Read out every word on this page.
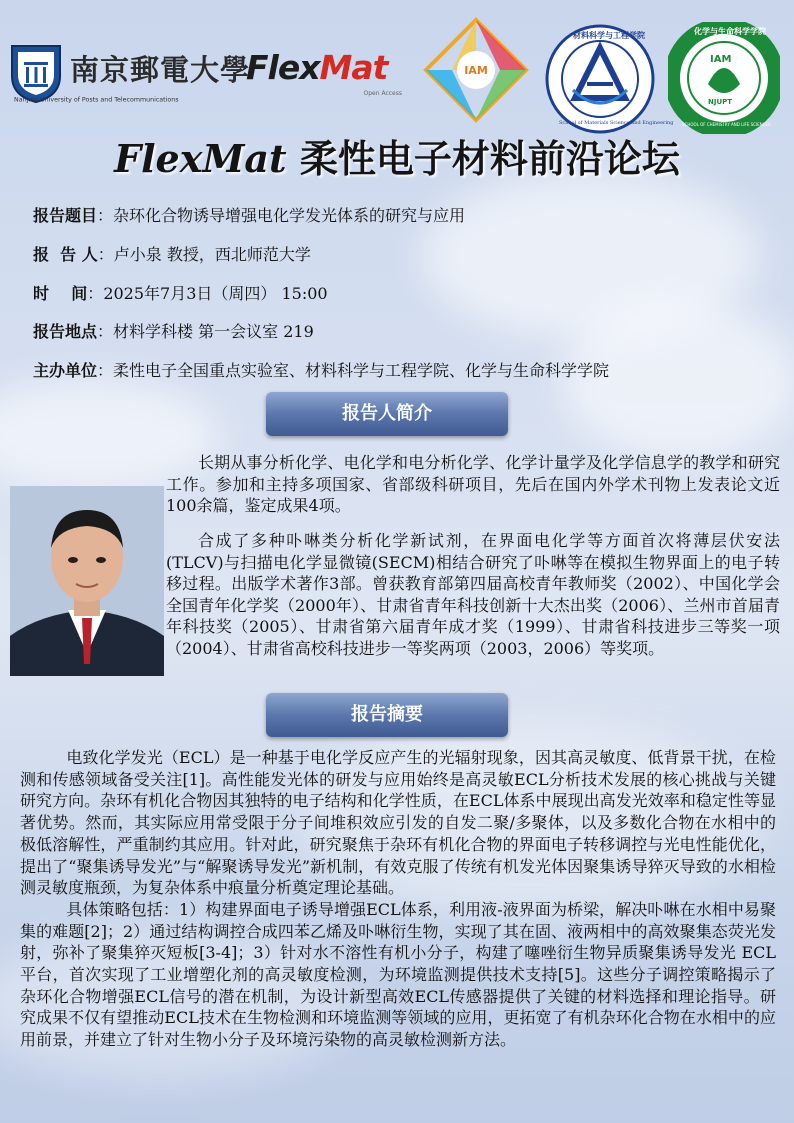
南京郵電大學
Nanjing University of Posts and Telecommunications
FlexMat
Open Access
IAM
材料科学与工程学院
School of Materials Science and Engineering
IAM
NJUPT
化学与生命科学学院
SCHOOL OF CHEMISTRY AND LIFE SCIENCES
FlexMat 柔性电子材料前沿论坛
报告题目：杂环化合物诱导增强电化学发光体系的研究与应用
报  告 人：卢小泉 教授，西北师范大学
时    间：2025年7月3日（周四） 15:00
报告地点：材料学科楼 第一会议室 219
主办单位：柔性电子全国重点实验室、材料科学与工程学院、化学与生命科学学院
报告人简介

长期从事分析化学、电化学和电分析化学、化学计量学及化学信息学的教学和研究工作。参加和主持多项国家、省部级科研项目，先后在国内外学术刊物上发表论文近100余篇，鉴定成果4项。

合成了多种卟啉类分析化学新试剂，在界面电化学等方面首次将薄层伏安法(TLCV)与扫描电化学显微镜(SECM)相结合研究了卟啉等在模拟生物界面上的电子转移过程。出版学术著作3部。曾获教育部第四届高校青年教师奖（2002）、中国化学会全国青年化学奖（2000年）、甘肃省青年科技创新十大杰出奖（2006）、兰州市首届青年科技奖（2005）、甘肃省第六届青年成才奖（1999）、甘肃省科技进步三等奖一项（2004）、甘肃省高校科技进步一等奖两项（2003，2006）等奖项。

报告摘要

电致化学发光（ECL）是一种基于电化学反应产生的光辐射现象，因其高灵敏度、低背景干扰，在检测和传感领域备受关注[1]。高性能发光体的研发与应用始终是高灵敏ECL分析技术发展的核心挑战与关键研究方向。杂环有机化合物因其独特的电子结构和化学性质，在ECL体系中展现出高发光效率和稳定性等显著优势。然而，其实际应用常受限于分子间堆积效应引发的自发二聚/多聚体，以及多数化合物在水相中的极低溶解性，严重制约其应用。针对此，研究聚焦于杂环有机化合物的界面电子转移调控与光电性能优化，提出了“聚集诱导发光”与“解聚诱导发光”新机制，有效克服了传统有机发光体因聚集诱导猝灭导致的水相检测灵敏度瓶颈，为复杂体系中痕量分析奠定理论基础。

具体策略包括：1）构建界面电子诱导增强ECL体系，利用液-液界面为桥梁，解决卟啉在水相中易聚集的难题[2]；2）通过结构调控合成四苯乙烯及卟啉衍生物，实现了其在固、液两相中的高效聚集态荧光发射，弥补了聚集猝灭短板[3-4]；3）针对水不溶性有机小分子，构建了噻唑衍生物异质聚集诱导发光 ECL平台，首次实现了工业增塑化剂的高灵敏度检测，为环境监测提供技术支持[5]。这些分子调控策略揭示了杂环化合物增强ECL信号的潜在机制，为设计新型高效ECL传感器提供了关键的材料选择和理论指导。研究成果不仅有望推动ECL技术在生物检测和环境监测等领域的应用，更拓宽了有机杂环化合物在水相中的应用前景，并建立了针对生物小分子及环境污染物的高灵敏检测新方法。
